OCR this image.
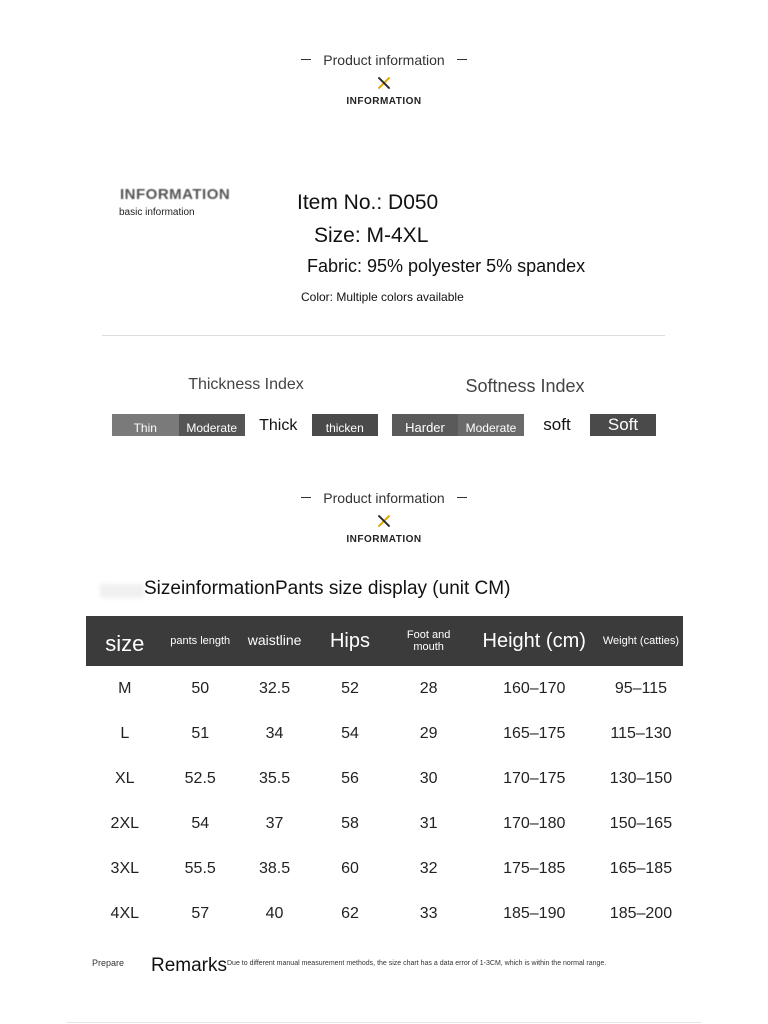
Product information
INFORMATION
INFORMATION
basic information	Item No.: D050
Size: M-4XL
Fabric: 95% polyester 5% spandex
Color: Multiple colors available
Thickness Index
Thin	Moderate	Thick	thicken
Softness Index
Harder	Moderate	soft	Soft
Product information
INFORMATION
SizeinformationPants size display (unit CM)
size	pants length	waistline	Hips	Foot and mouth	Height (cm)	Weight (catties)
M	50	32.5	52	28	160–170	95–115
L	51	34	54	29	165–175	115–130
XL	52.5	35.5	56	30	170–175	130–150
2XL	54	37	58	31	170–180	150–165
3XL	55.5	38.5	60	32	175–185	165–185
4XL	57	40	62	33	185–190	185–200
Prepare Remarks Due to different manual measurement methods, the size chart has a data error of 1-3CM, which is within the normal range.
